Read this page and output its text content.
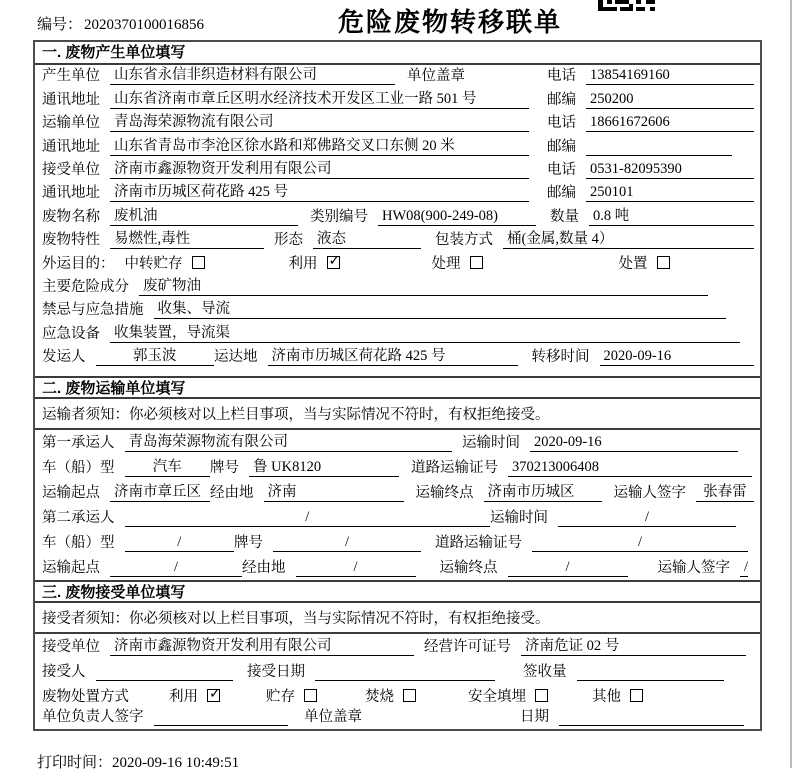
编号： 2020370100016856	危险废物转移联单
一. 废物产生单位填写
产生单位 山东省永信非织造材料有限公司	单位盖章	电话 13854169160
通讯地址 山东省济南市章丘区明水经济技术开发区工业一路 501 号	邮编 250200
运输单位 青岛海荣源物流有限公司	电话 18661672606
通讯地址 山东省青岛市李沧区徐水路和郑佛路交叉口东侧 20 米	邮编
接受单位 济南市鑫源物资开发利用有限公司	电话 0531-82095390
通讯地址 济南市历城区荷花路 425 号	邮编 250101
废物名称 废机油	类别编号 HW08(900-249-08)	数量 0.8 吨
废物特性 易燃性,毒性	形态 液态	包装方式 桶(金属,数量 4）
外运目的： 中转贮存	利用 ✓	处理	处置
主要危险成分 废矿物油
禁忌与应急措施 收集、导流
应急设备 收集装置，导流渠
发运人	郭玉波	运达地 济南市历城区荷花路 425 号	转移时间 2020-09-16
二. 废物运输单位填写
运输者须知：你必须核对以上栏目事项，当与实际情况不符时，有权拒绝接受。
第一承运人 青岛海荣源物流有限公司	运输时间 2020-09-16
车（船）型	汽车	牌号 鲁 UK8120	道路运输证号 370213006408
运输起点 济南市章丘区 经由地 济南	运输终点 济南市历城区	运输人签字	张春雷
第二承运人	/	运输时间	/
车（船）型	/	牌号	/	道路运输证号	/
运输起点	/	经由地	/	运输终点	/	运输人签字 /
三. 废物接受单位填写
接受者须知：你必须核对以上栏目事项，当与实际情况不符时，有权拒绝接受。
接受单位 济南市鑫源物资开发利用有限公司	经营许可证号 济南危证 02 号
接受人	接受日期	签收量
废物处置方式	利用 ✓	贮存	焚烧	安全填埋	其他
单位负责人签字	单位盖章	日期
打印时间：2020-09-16 10:49:51
